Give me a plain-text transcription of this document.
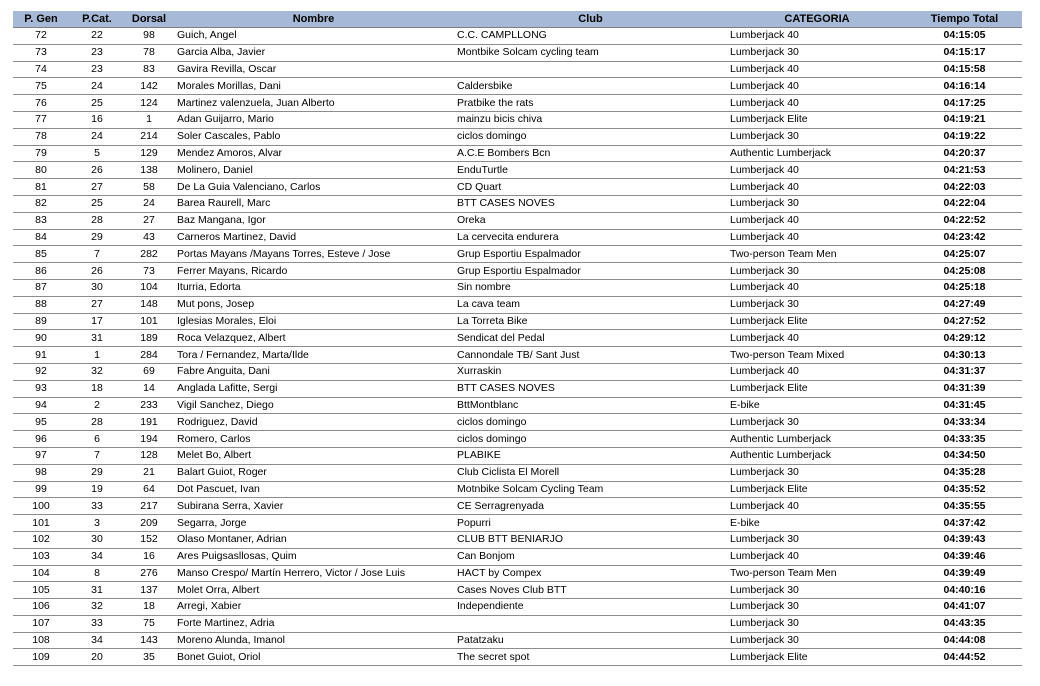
P. Gen	P.Cat.	Dorsal	Nombre	Club	CATEGORIA	Tiempo Total
72	22	98	Guich, Angel	C.C. CAMPLLONG	Lumberjack 40	04:15:05
73	23	78	Garcia Alba, Javier	Montbike Solcam cycling team	Lumberjack 30	04:15:17
74	23	83	Gavira Revilla, Oscar		Lumberjack 40	04:15:58
75	24	142	Morales Morillas, Dani	Caldersbike	Lumberjack 40	04:16:14
76	25	124	Martinez valenzuela, Juan Alberto	Pratbike the rats	Lumberjack 40	04:17:25
77	16	1	Adan Guijarro, Mario	mainzu bicis chiva	Lumberjack Elite	04:19:21
78	24	214	Soler Cascales, Pablo	ciclos domingo	Lumberjack 30	04:19:22
79	5	129	Mendez Amoros, Alvar	A.C.E Bombers Bcn	Authentic Lumberjack	04:20:37
80	26	138	Molinero, Daniel	EnduTurtle	Lumberjack 40	04:21:53
81	27	58	De La Guia Valenciano, Carlos	CD Quart	Lumberjack 40	04:22:03
82	25	24	Barea Raurell, Marc	BTT CASES NOVES	Lumberjack 30	04:22:04
83	28	27	Baz Mangana, Igor	Oreka	Lumberjack 40	04:22:52
84	29	43	Carneros Martinez, David	La cervecita endurera	Lumberjack 40	04:23:42
85	7	282	Portas Mayans /Mayans Torres, Esteve / Jose	Grup Esportiu Espalmador	Two-person Team Men	04:25:07
86	26	73	Ferrer Mayans, Ricardo	Grup Esportiu Espalmador	Lumberjack 30	04:25:08
87	30	104	Iturria, Edorta	Sin nombre	Lumberjack 40	04:25:18
88	27	148	Mut pons, Josep	La cava team	Lumberjack 30	04:27:49
89	17	101	Iglesias Morales, Eloi	La Torreta Bike	Lumberjack Elite	04:27:52
90	31	189	Roca Velazquez, Albert	Sendicat del Pedal	Lumberjack 40	04:29:12
91	1	284	Tora / Fernandez, Marta/Ilde	Cannondale TB/ Sant Just	Two-person Team Mixed	04:30:13
92	32	69	Fabre Anguita, Dani	Xurraskin	Lumberjack 40	04:31:37
93	18	14	Anglada Lafitte, Sergi	BTT CASES NOVES	Lumberjack Elite	04:31:39
94	2	233	Vigil Sanchez, Diego	BttMontblanc	E-bike	04:31:45
95	28	191	Rodriguez, David	ciclos domingo	Lumberjack 30	04:33:34
96	6	194	Romero, Carlos	ciclos domingo	Authentic Lumberjack	04:33:35
97	7	128	Melet Bo, Albert	PLABIKE	Authentic Lumberjack	04:34:50
98	29	21	Balart Guiot, Roger	Club Ciclista El Morell	Lumberjack 30	04:35:28
99	19	64	Dot Pascuet, Ivan	Motnbike Solcam Cycling Team	Lumberjack Elite	04:35:52
100	33	217	Subirana Serra, Xavier	CE Serragrenyada	Lumberjack 40	04:35:55
101	3	209	Segarra, Jorge	Popurri	E-bike	04:37:42
102	30	152	Olaso Montaner, Adrian	CLUB BTT BENIARJO	Lumberjack 30	04:39:43
103	34	16	Ares Puigsasllosas, Quim	Can Bonjom	Lumberjack 40	04:39:46
104	8	276	Manso Crespo/ Martín Herrero, Victor / Jose Luis	HACT by Compex	Two-person Team Men	04:39:49
105	31	137	Molet Orra, Albert	Cases Noves Club BTT	Lumberjack 30	04:40:16
106	32	18	Arregi, Xabier	Independiente	Lumberjack 30	04:41:07
107	33	75	Forte Martinez, Adria		Lumberjack 30	04:43:35
108	34	143	Moreno Alunda, Imanol	Patatzaku	Lumberjack 30	04:44:08
109	20	35	Bonet Guiot, Oriol	The secret spot	Lumberjack Elite	04:44:52
